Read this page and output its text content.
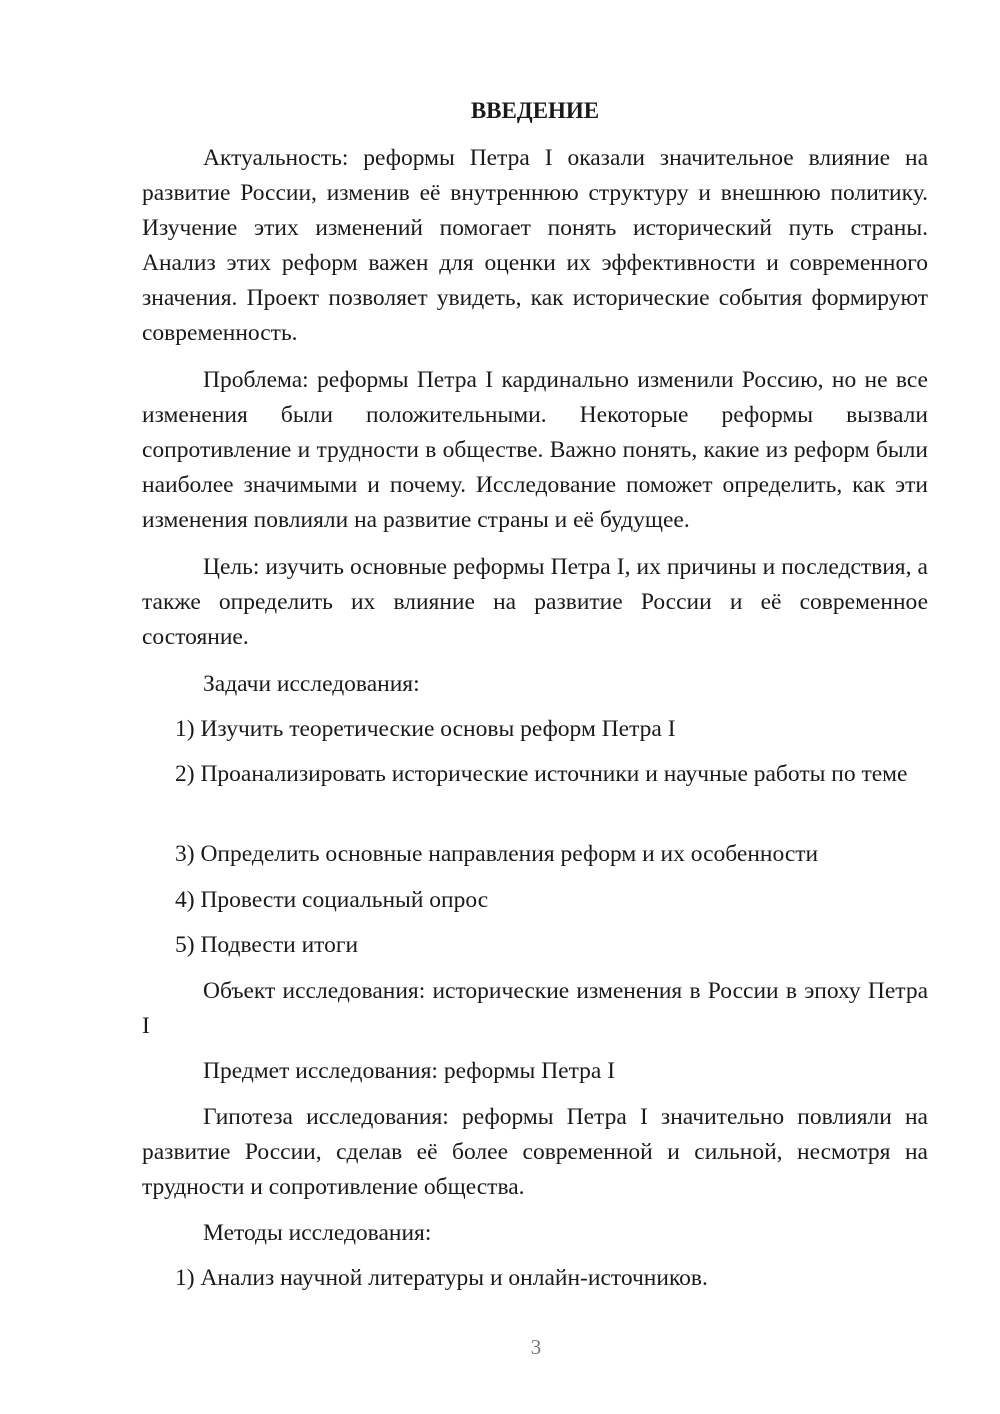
ВВЕДЕНИЕ

Актуальность: реформы Петра I оказали значительное влияние на развитие России, изменив её внутреннюю структуру и внешнюю политику. Изучение этих изменений помогает понять исторический путь страны. Анализ этих реформ важен для оценки их эффективности и современного значения. Проект позволяет увидеть, как исторические события формируют современность.

Проблема: реформы Петра I кардинально изменили Россию, но не все изменения были положительными. Некоторые реформы вызвали сопротивление и трудности в обществе. Важно понять, какие из реформ были наиболее значимыми и почему. Исследование поможет определить, как эти изменения повлияли на развитие страны и её будущее.

Цель: изучить основные реформы Петра I, их причины и последствия, а также определить их влияние на развитие России и её современное состояние.

Задачи исследования:

1) Изучить теоретические основы реформ Петра I

2) Проанализировать исторические источники и научные работы по теме

3) Определить основные направления реформ и их особенности

4) Провести социальный опрос

5) Подвести итоги

Объект исследования: исторические изменения в России в эпоху Петра I

Предмет исследования: реформы Петра I

Гипотеза исследования: реформы Петра I значительно повлияли на развитие России, сделав её более современной и сильной, несмотря на трудности и сопротивление общества.

Методы исследования:

1) Анализ научной литературы и онлайн-источников.

3
